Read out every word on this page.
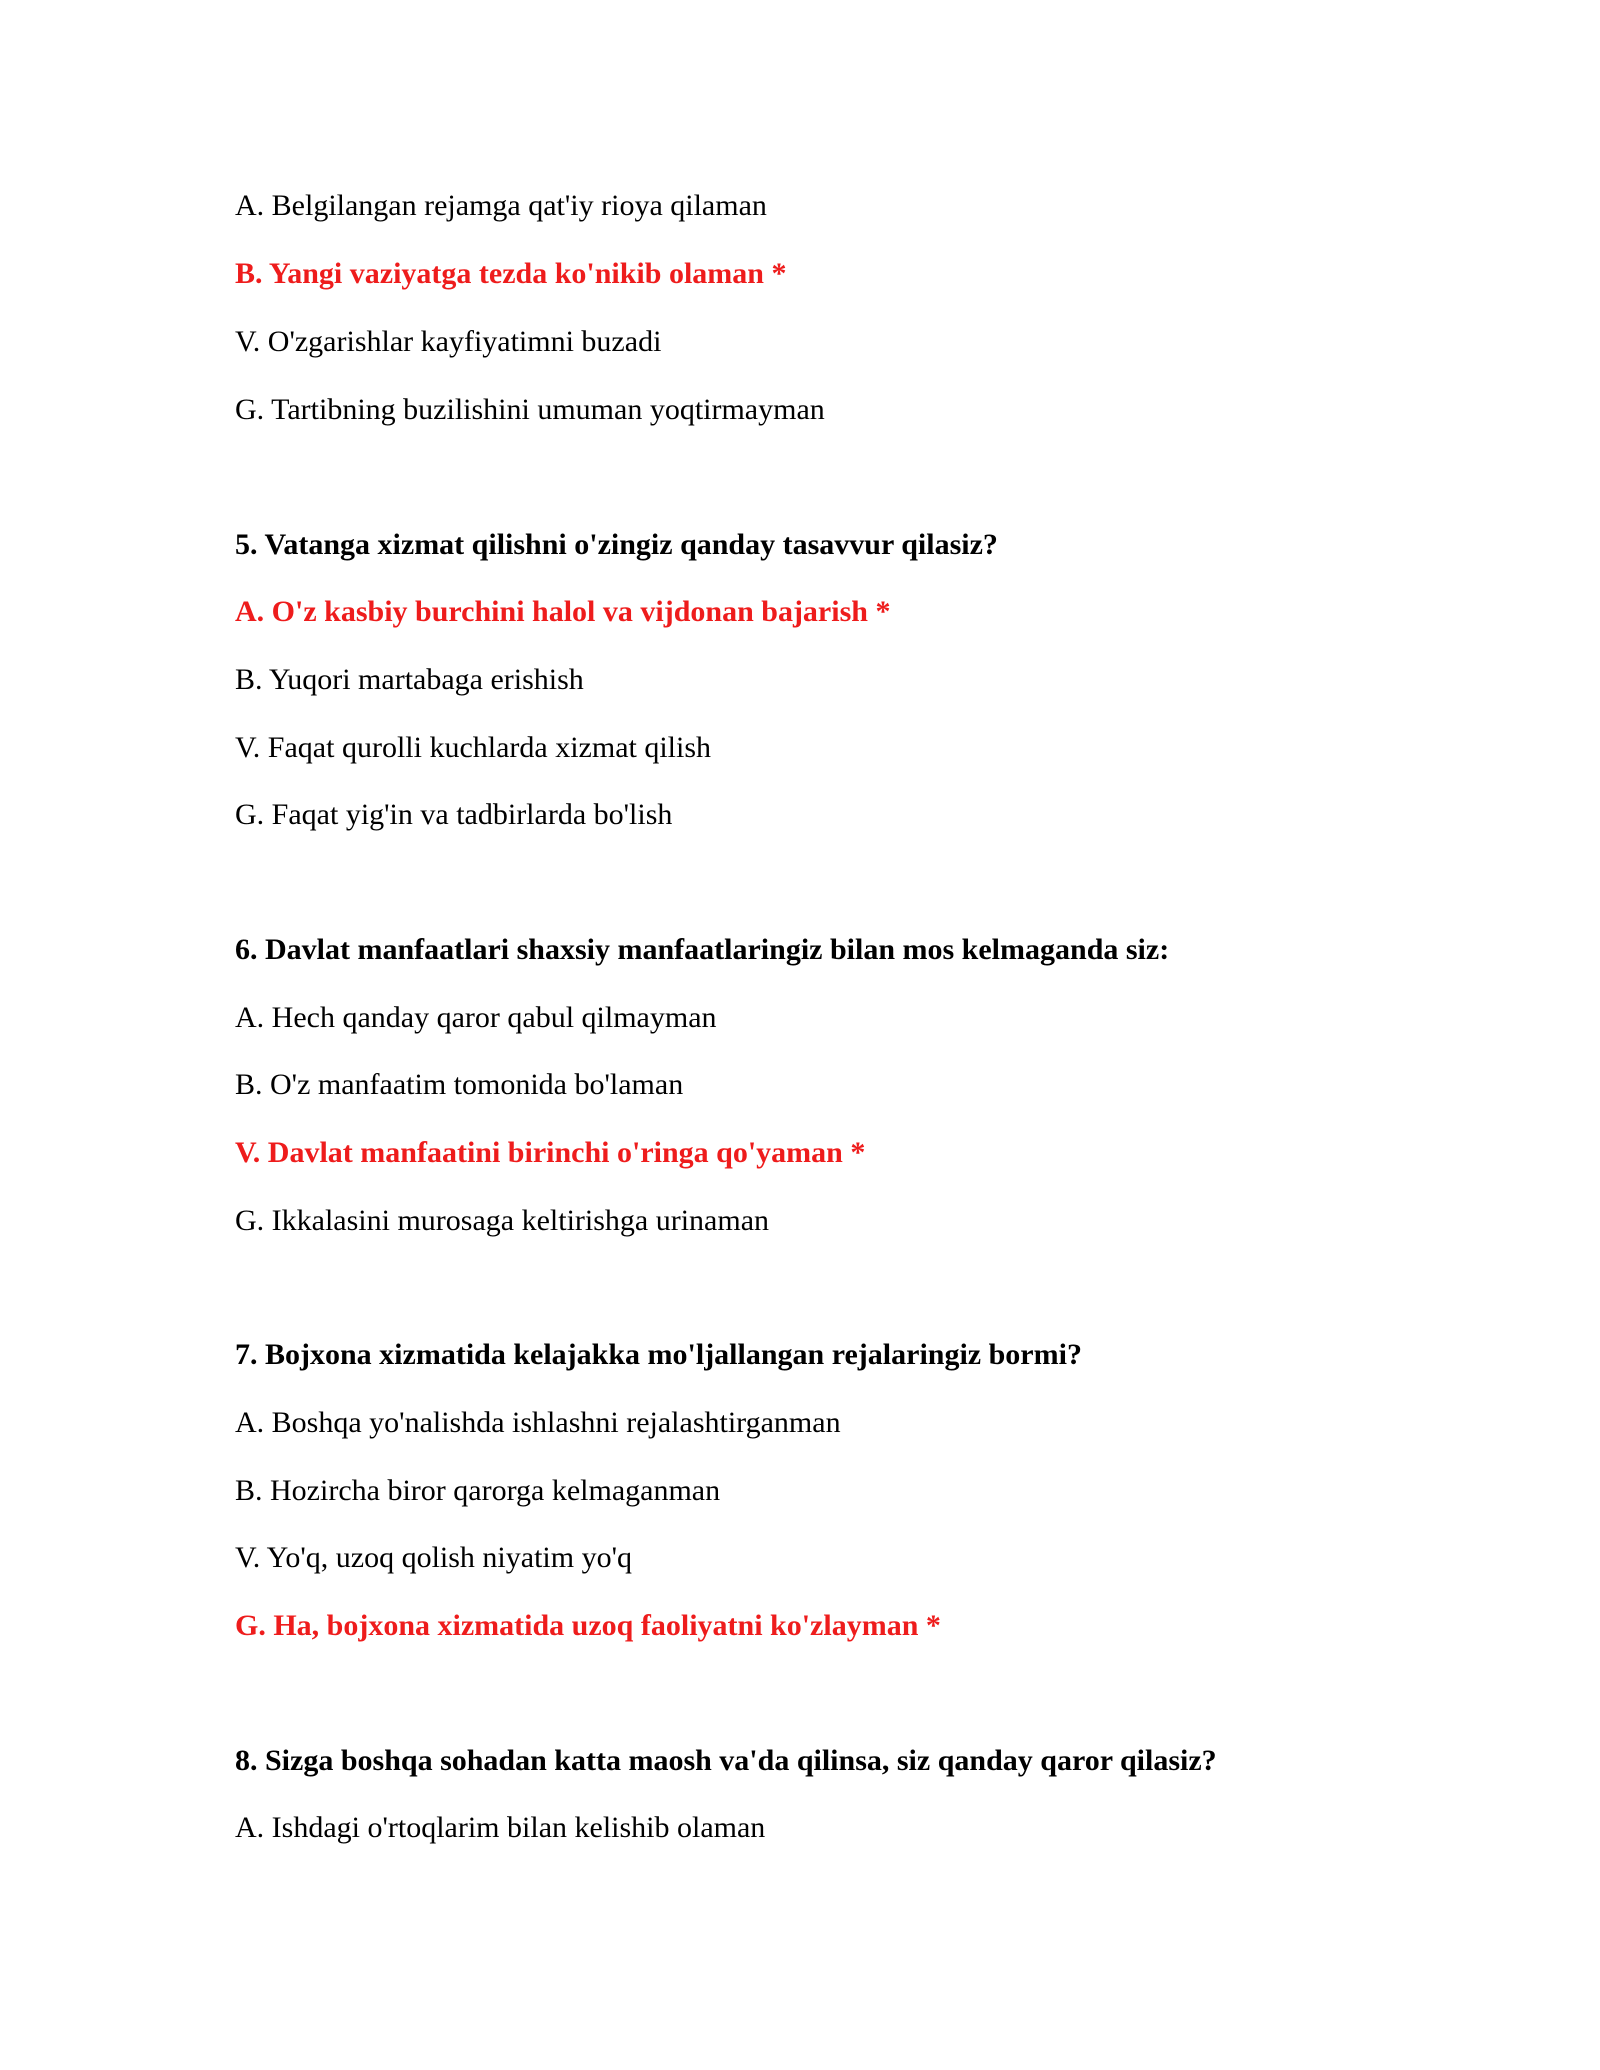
A. Belgilangan rejamga qat'iy rioya qilaman
B. Yangi vaziyatga tezda ko'nikib olaman *
V. O'zgarishlar kayfiyatimni buzadi
G. Tartibning buzilishini umuman yoqtirmayman
5. Vatanga xizmat qilishni o'zingiz qanday tasavvur qilasiz?
A. O'z kasbiy burchini halol va vijdonan bajarish *
B. Yuqori martabaga erishish
V. Faqat qurolli kuchlarda xizmat qilish
G. Faqat yig'in va tadbirlarda bo'lish
6. Davlat manfaatlari shaxsiy manfaatlaringiz bilan mos kelmaganda siz:
A. Hech qanday qaror qabul qilmayman
B. O'z manfaatim tomonida bo'laman
V. Davlat manfaatini birinchi o'ringa qo'yaman *
G. Ikkalasini murosaga keltirishga urinaman
7. Bojxona xizmatida kelajakka mo'ljallangan rejalaringiz bormi?
A. Boshqa yo'nalishda ishlashni rejalashtirganman
B. Hozircha biror qarorga kelmaganman
V. Yo'q, uzoq qolish niyatim yo'q
G. Ha, bojxona xizmatida uzoq faoliyatni ko'zlayman *
8. Sizga boshqa sohadan katta maosh va'da qilinsa, siz qanday qaror qilasiz?
A. Ishdagi o'rtoqlarim bilan kelishib olaman
